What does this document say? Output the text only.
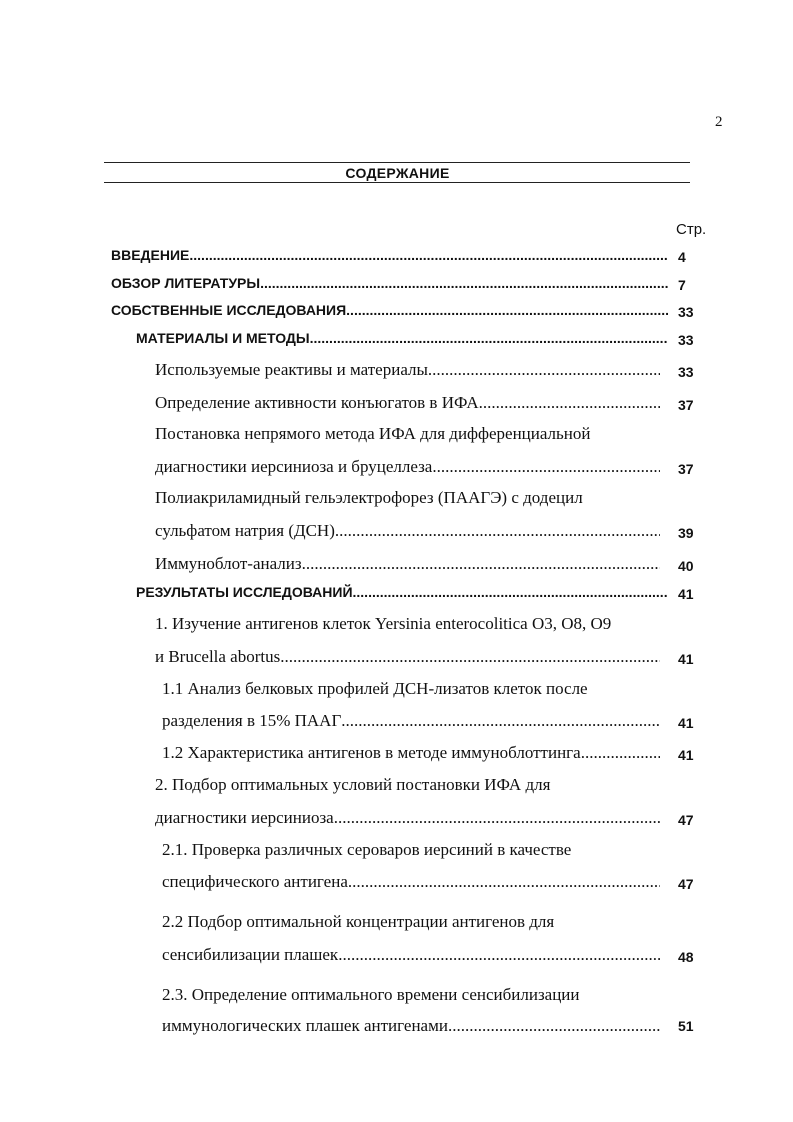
2
СОДЕРЖАНИЕ
Стр.
ВВЕДЕНИЕ .....	4
ОБЗОР ЛИТЕРАТУРЫ .....	7
СОБСТВЕННЫЕ ИССЛЕДОВАНИЯ .....	33
МАТЕРИАЛЫ И МЕТОДЫ .....	33
Используемые реактивы и материалы .....	33
Определение активности конъюгатов в ИФА .....	37
Постановка непрямого метода ИФА для дифференциальной
диагностики иерсиниоза и бруцеллеза .....	37
Полиакриламидный гельэлектрофорез (ПААГЭ) с додецил
сульфатом натрия (ДСН) .....	39
Иммуноблот-анализ .....	40
РЕЗУЛЬТАТЫ ИССЛЕДОВАНИЙ .....	41
1. Изучение антигенов клеток Yersinia enterocolitica O3, O8, O9
и Brucella abortus .....	41
1.1 Анализ белковых профилей ДСН-лизатов клеток после
разделения в 15% ПААГ .....	41
1.2 Характеристика антигенов в методе иммуноблоттинга .....	41
2. Подбор оптимальных условий постановки ИФА для
диагностики иерсиниоза .....	47
2.1. Проверка различных сероваров иерсиний в качестве
специфического антигена .....	47
2.2 Подбор оптимальной концентрации антигенов для
сенсибилизации плашек .....	48
2.3. Определение оптимального времени сенсибилизации
иммунологических плашек антигенами .....	51
